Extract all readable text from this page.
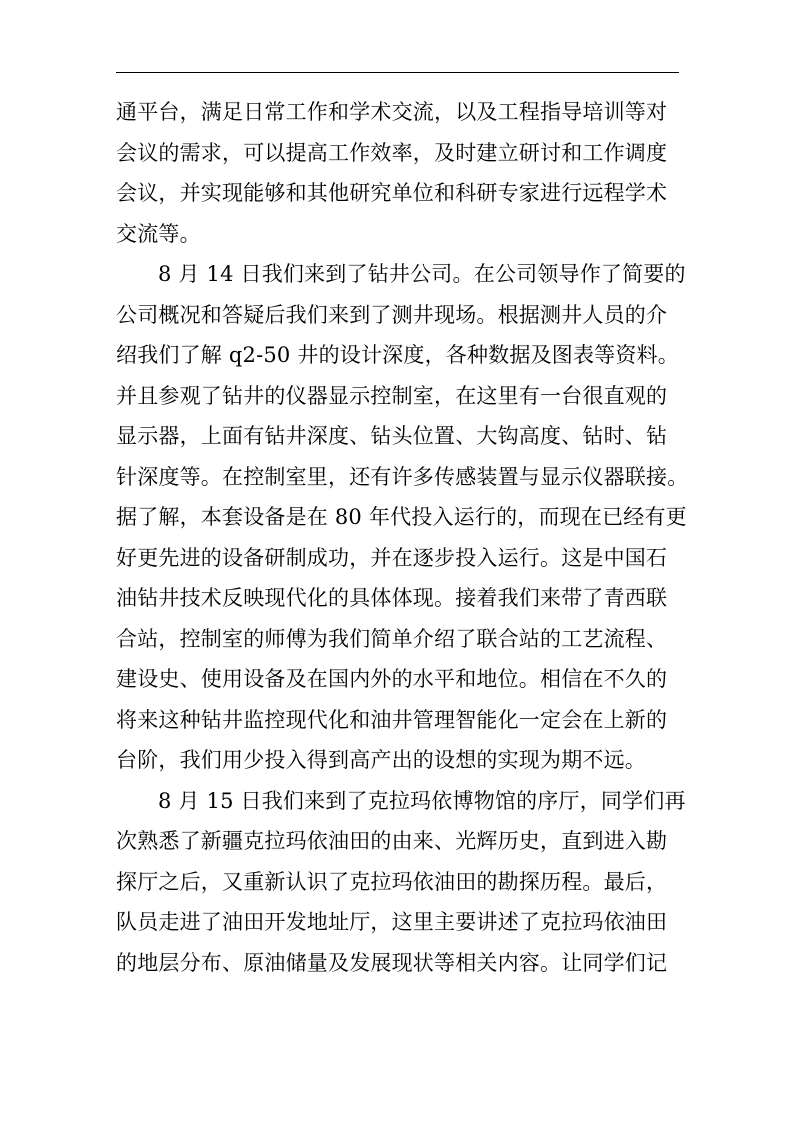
通平台，满足日常工作和学术交流，以及工程指导培训等对
会议的需求，可以提高工作效率，及时建立研讨和工作调度
会议，并实现能够和其他研究单位和科研专家进行远程学术
交流等。
8 月 14 日我们来到了钻井公司。在公司领导作了简要的
公司概况和答疑后我们来到了测井现场。根据测井人员的介
绍我们了解 q2-50 井的设计深度，各种数据及图表等资料。
并且参观了钻井的仪器显示控制室，在这里有一台很直观的
显示器，上面有钻井深度、钻头位置、大钩高度、钻时、钻
针深度等。在控制室里，还有许多传感装置与显示仪器联接。
据了解，本套设备是在 80 年代投入运行的，而现在已经有更
好更先进的设备研制成功，并在逐步投入运行。这是中国石
油钻井技术反映现代化的具体体现。接着我们来带了青西联
合站，控制室的师傅为我们简单介绍了联合站的工艺流程、
建设史、使用设备及在国内外的水平和地位。相信在不久的
将来这种钻井监控现代化和油井管理智能化一定会在上新的
台阶，我们用少投入得到高产出的设想的实现为期不远。
8 月 15 日我们来到了克拉玛依博物馆的序厅，同学们再
次熟悉了新疆克拉玛依油田的由来、光辉历史，直到进入勘
探厅之后，又重新认识了克拉玛依油田的勘探历程。最后，
队员走进了油田开发地址厅，这里主要讲述了克拉玛依油田
的地层分布、原油储量及发展现状等相关内容。让同学们记
